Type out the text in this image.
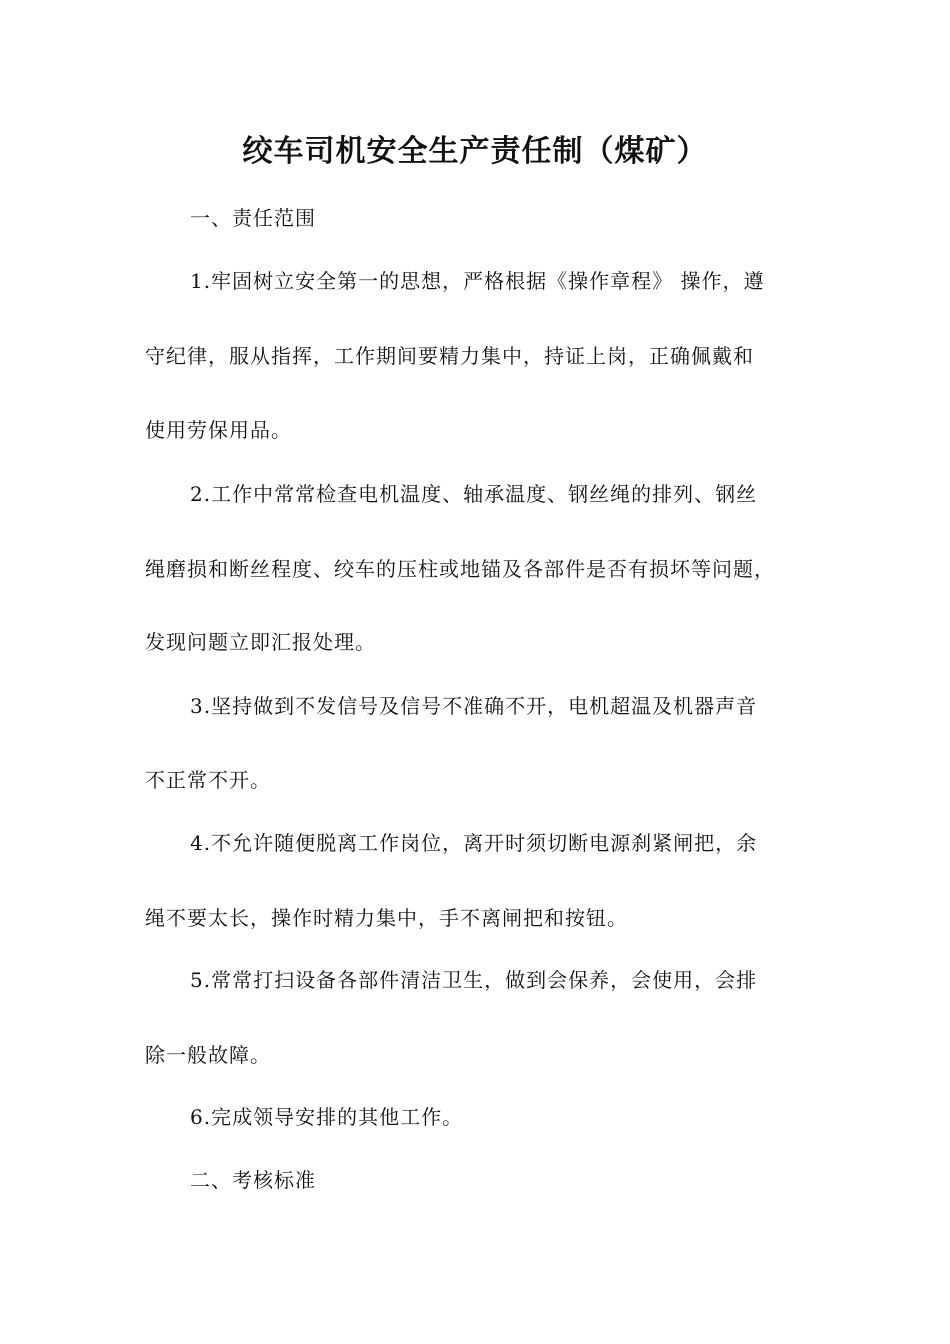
绞车司机安全生产责任制（煤矿）
一、责任范围
1.牢固树立安全第一的思想，严格根据《操作章程》 操作，遵
守纪律，服从指挥，工作期间要精力集中，持证上岗，正确佩戴和
使用劳保用品。
2.工作中常常检查电机温度、轴承温度、钢丝绳的排列、钢丝
绳磨损和断丝程度、绞车的压柱或地锚及各部件是否有损坏等问题，
发现问题立即汇报处理。
3.坚持做到不发信号及信号不准确不开，电机超温及机器声音
不正常不开。
4.不允许随便脱离工作岗位，离开时须切断电源刹紧闸把，余
绳不要太长，操作时精力集中，手不离闸把和按钮。
5.常常打扫设备各部件清洁卫生，做到会保养，会使用，会排
除一般故障。
6.完成领导安排的其他工作。
二、考核标准
